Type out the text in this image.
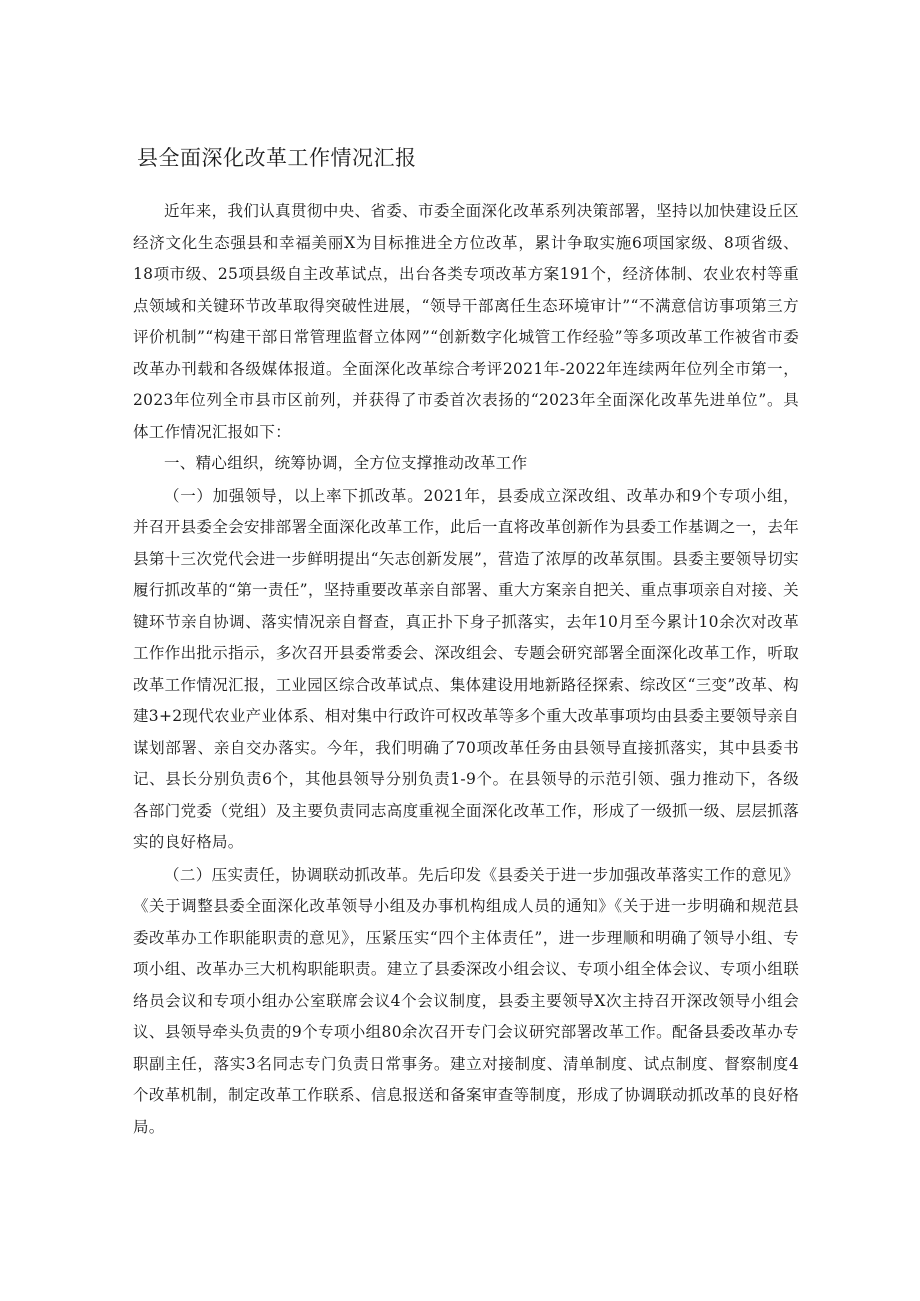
县全面深化改革工作情况汇报

近年来，我们认真贯彻中央、省委、市委全面深化改革系列决策部署，坚持以加快建设丘区经济文化生态强县和幸福美丽X为目标推进全方位改革，累计争取实施6项国家级、8项省级、18项市级、25项县级自主改革试点，出台各类专项改革方案191个，经济体制、农业农村等重点领域和关键环节改革取得突破性进展，“领导干部离任生态环境审计”“不满意信访事项第三方评价机制”“构建干部日常管理监督立体网”“创新数字化城管工作经验”等多项改革工作被省市委改革办刊载和各级媒体报道。全面深化改革综合考评2021年-2022年连续两年位列全市第一，2023年位列全市县市区前列，并获得了市委首次表扬的“2023年全面深化改革先进单位”。具体工作情况汇报如下：

一、精心组织，统筹协调，全方位支撑推动改革工作

（一）加强领导，以上率下抓改革。2021年，县委成立深改组、改革办和9个专项小组，并召开县委全会安排部署全面深化改革工作，此后一直将改革创新作为县委工作基调之一，去年县第十三次党代会进一步鲜明提出“矢志创新发展”，营造了浓厚的改革氛围。县委主要领导切实履行抓改革的“第一责任”，坚持重要改革亲自部署、重大方案亲自把关、重点事项亲自对接、关键环节亲自协调、落实情况亲自督查，真正扑下身子抓落实，去年10月至今累计10余次对改革工作作出批示指示，多次召开县委常委会、深改组会、专题会研究部署全面深化改革工作，听取改革工作情况汇报，工业园区综合改革试点、集体建设用地新路径探索、综改区“三变”改革、构建3+2现代农业产业体系、相对集中行政许可权改革等多个重大改革事项均由县委主要领导亲自谋划部署、亲自交办落实。今年，我们明确了70项改革任务由县领导直接抓落实，其中县委书记、县长分别负责6个，其他县领导分别负责1-9个。在县领导的示范引领、强力推动下，各级各部门党委（党组）及主要负责同志高度重视全面深化改革工作，形成了一级抓一级、层层抓落实的良好格局。

（二）压实责任，协调联动抓改革。先后印发《县委关于进一步加强改革落实工作的意见》《关于调整县委全面深化改革领导小组及办事机构组成人员的通知》《关于进一步明确和规范县委改革办工作职能职责的意见》，压紧压实“四个主体责任”，进一步理顺和明确了领导小组、专项小组、改革办三大机构职能职责。建立了县委深改小组会议、专项小组全体会议、专项小组联络员会议和专项小组办公室联席会议4个会议制度，县委主要领导X次主持召开深改领导小组会议、县领导牵头负责的9个专项小组80余次召开专门会议研究部署改革工作。配备县委改革办专职副主任，落实3名同志专门负责日常事务。建立对接制度、清单制度、试点制度、督察制度4个改革机制，制定改革工作联系、信息报送和备案审查等制度，形成了协调联动抓改革的良好格局。
